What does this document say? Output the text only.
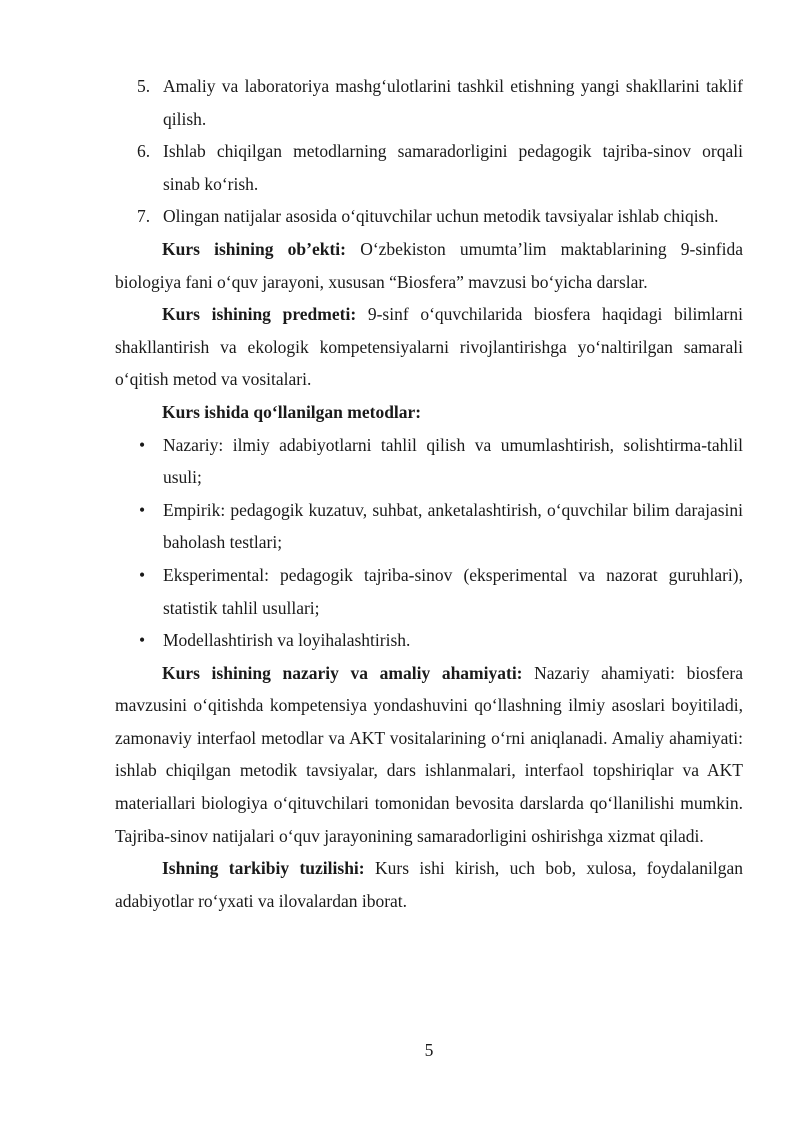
5. Amaliy va laboratoriya mashg‘ulotlarini tashkil etishning yangi shakllarini taklif qilish.
6. Ishlab chiqilgan metodlarning samaradorligini pedagogik tajriba-sinov orqali sinab ko‘rish.
7. Olingan natijalar asosida o‘qituvchilar uchun metodik tavsiyalar ishlab chiqish.

Kurs ishining ob’ekti: O‘zbekiston umumta’lim maktablarining 9-sinfida biologiya fani o‘quv jarayoni, xususan “Biosfera” mavzusi bo‘yicha darslar.

Kurs ishining predmeti: 9-sinf o‘quvchilarida biosfera haqidagi bilimlarni shakllantirish va ekologik kompetensiyalarni rivojlantirishga yo‘naltirilgan samarali o‘qitish metod va vositalari.

Kurs ishida qo‘llanilgan metodlar:

• Nazariy: ilmiy adabiyotlarni tahlil qilish va umumlashtirish, solishtirma-tahlil usuli;
• Empirik: pedagogik kuzatuv, suhbat, anketalashtirish, o‘quvchilar bilim darajasini baholash testlari;
• Eksperimental: pedagogik tajriba-sinov (eksperimental va nazorat guruhlari), statistik tahlil usullari;
• Modellashtirish va loyihalashtirish.

Kurs ishining nazariy va amaliy ahamiyati: Nazariy ahamiyati: biosfera mavzusini o‘qitishda kompetensiya yondashuvini qo‘llashning ilmiy asoslari boyitiladi, zamonaviy interfaol metodlar va AKT vositalarining o‘rni aniqlanadi. Amaliy ahamiyati: ishlab chiqilgan metodik tavsiyalar, dars ishlanmalari, interfaol topshiriqlar va AKT materiallari biologiya o‘qituvchilari tomonidan bevosita darslarda qo‘llanilishi mumkin. Tajriba-sinov natijalari o‘quv jarayonining samaradorligini oshirishga xizmat qiladi.

Ishning tarkibiy tuzilishi: Kurs ishi kirish, uch bob, xulosa, foydalanilgan adabiyotlar ro‘yxati va ilovalardan iborat.

5
